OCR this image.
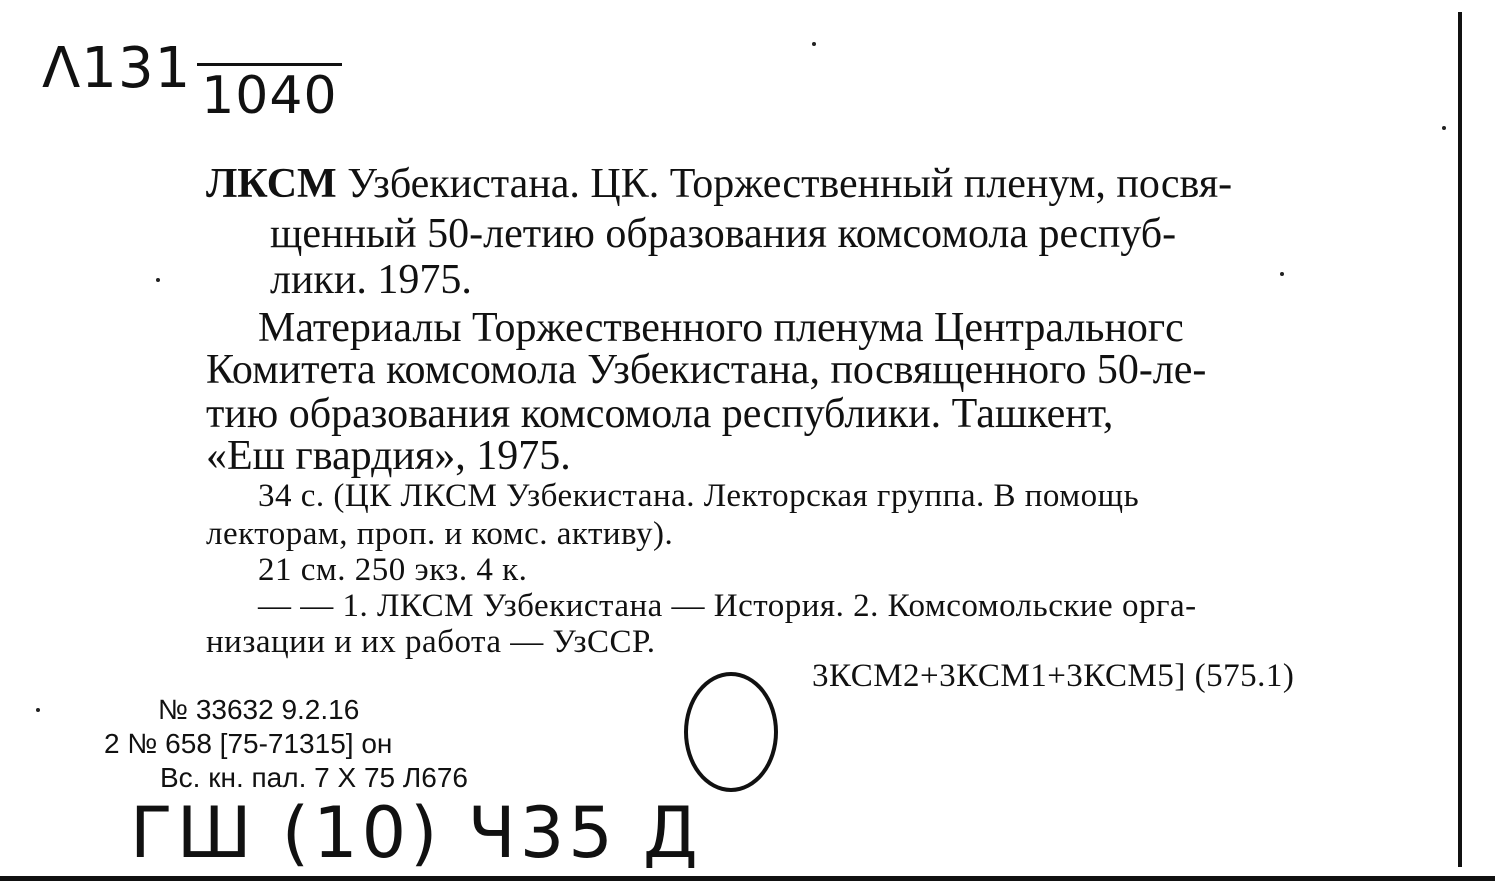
Λ131 1040
ЛКСМ Узбекистана. ЦК. Торжественный пленум, посвя-
щенный 50-летию образования комсомола респуб-
лики. 1975.
Материалы Торжественного пленума Центральногс
Комитета комсомола Узбекистана, посвященного 50-ле-
тию образования комсомола республики. Ташкент,
«Еш гвардия», 1975.
34 с. (ЦК ЛКСМ Узбекистана. Лекторская группа. В помощь
лекторам, проп. и комс. активу).
21 см. 250 экз. 4 к.
— — 1. ЛКСМ Узбекистана — История. 2. Комсомольские орга-
низации и их работа — УзССР.
3КСМ2+3КСМ1+3КСМ5] (575.1)
№ 33632 9.2.16
2 № 658 [75-71315] он
Вс. кн. пал. 7 X 75 Л676
ГШ (10) Ч35 Д
